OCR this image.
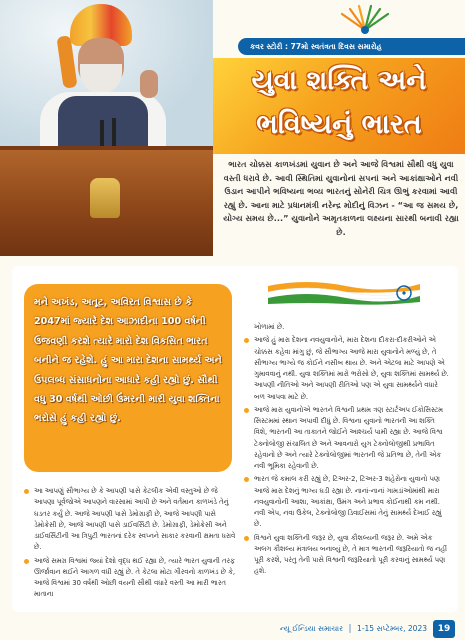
કવર સ્ટોરી : 77મો સ્વતંત્રતા દિવસ સમારોહ
યુવા શક્તિ અને
ભવિષ્યનું ભારત
ભારત ચોક્કસ કાળખંડમાં યુવાન છે અને આજે વિશ્વમાં સૌથી વધુ યુવા વસ્તી ધરાવે છે. આવી સ્થિતિમાં યુવાનોનાં સપનાં અને આકાંક્ષાઓને નવી ઉડાન આપીને ભવિષ્યના ભવ્ય ભારતનું સોનેરી ચિત્ર ઊભું કરવામાં આવી રહ્યું છે. આના માટે પ્રધાનમંત્રી નરેન્દ્ર મોદીનું વિઝન - “આ જ સમય છે, યોગ્ય સમય છે...” યુવાનોને અમૃતકાળના લક્ષ્યના સારથી બનાવી રહ્યા છે.
મને અખંડ, અતૂટ, અવિરત વિશ્વાસ છે કે 2047માં જ્યારે દેશ આઝાદીના 100 વર્ષની ઉજવણી કરશે ત્યારે મારો દેશ વિકસિત ભારત બનીને જ રહેશે. હું આ મારા દેશના સામર્થ્ય અને ઉપલબ્ધ સંસાધનોના આધારે કહી રહ્યો છું. સૌથી વધુ 30 વર્ષથી ઓછી ઉંમરની મારી યુવા શક્તિના ભરોસે હું કહી રહ્યો છું.
આ આપણું સૌભાગ્ય છે કે આપણી પાસે કેટલીક એવી વસ્તુઓ છે જે આપણા પૂર્વજોએ આપણને વારસામાં આપી છે અને વર્તમાન કાળખંડે તેનું ઘડતર કર્યું છે. આજે આપણી પાસે ડેમોગ્રાફી છે, આજે આપણી પાસે ડેમોક્રેસી છે, આજે આપણી પાસે ડાઈવર્સિટી છે. ડેમોગ્રાફી, ડેમોક્રેસી અને ડાઈવર્સિટીની આ ત્રિપુટી ભારતનાં દરેક સ્વપ્નને સાકાર કરવાની ક્ષમતા ધરાવે છે.
આજે સમગ્ર વિશ્વમાં જ્યાં દેશો વૃદ્ધ થઈ રહ્યા છે, ત્યારે ભારત યુવાની તરફ ઊર્જાવાન થઈને આગળ વધી રહ્યું છે. તે કેટલા મોટા ગૌરવનો કાળખંડ છે કે, આજે વિશ્વમાં 30 વર્ષથી ઓછી વયની સૌથી વધારે વસ્તી આ મારી ભારત માતાના
ખોળામાં છે.
આજે હું મારા દેશના નવયુવાનોને, મારા દેશના દીકરા-દીકરીઓને એ ચોક્કસ કહેવા માંગુ છું, જે સૌભાગ્ય આજે મારા યુવાનોને મળ્યું છે, તે સૌભાગ્ય ભાગ્યે જ કોઈને નસીબ થાય છે. અને એટલા માટે આપણે એ ગુમાવવાનું નથી. યુવા શક્તિમાં મારો ભરોસો છે, યુવા શક્તિમાં સામર્થ્ય છે. આપણી નીતિઓ અને આપણી રીતિઓ પણ એ યુવા સામર્થ્યને વધારે બળ આપવા માટે છે.
આજે મારા યુવાનોએ ભારતને વિશ્વની પ્રથમ ત્રણ સ્ટાર્ટઅપ ઈકોસિસ્ટમ સિસ્ટમમાં સ્થાન અપાવી દીધું છે. વિશ્વના યુવાનો ભારતની આ શક્તિ વિશે, ભારતની આ તાકાતને જોઈને આશ્ચર્ય પામી રહ્યા છે. આજે વિશ્વ ટેક્નોલોજી સંચાલિત છે અને આવનારો યુગ ટેક્નોલોજીથી પ્રભાવિત રહેવાનો છે અને ત્યારે ટેક્નોલોજીમાં ભારતની જે પ્રતિભા છે, તેની એક નવી ભૂમિકા રહેવાની છે.
ભારત જે કમાલ કરી રહ્યું છે, ટિઅર-2, ટિઅર-3 શહેરોના યુવાનો પણ આજે મારા દેશનું ભાગ્ય ઘડી રહ્યા છે. નાનાં-નાનાં ગામડાંઓમાંથી મારા નવયુવાનોની આશા, આકાંક્ષા, ઉમંગ અને પ્રભાવ કોઈનાથી કમ નથી. નવી એપ, નવા ઉકેલ, ટેક્નોલોજી ડિવાઈસમાં તેનું સામર્થ્ય દેખાઈ રહ્યું છે.
વિશ્વને યુવા શક્તિની જરૂર છે, યુવા કૌશલ્યની જરૂર છે. અમે એક અલગ કૌશલ્ય મંત્રાલય બનાવ્યું છે, તે માત્ર ભારતની જરૂરિયાતો જ નહીં પૂરી કરશે, પરંતુ તેની પાસે વિશ્વની જરૂરિયાતો પૂરી કરવાનું સામર્થ્ય પણ હશે.
ન્યૂ ઈન્ડિયા સમાચાર  │  1-15 સપ્ટેમ્બર, 2023	19
